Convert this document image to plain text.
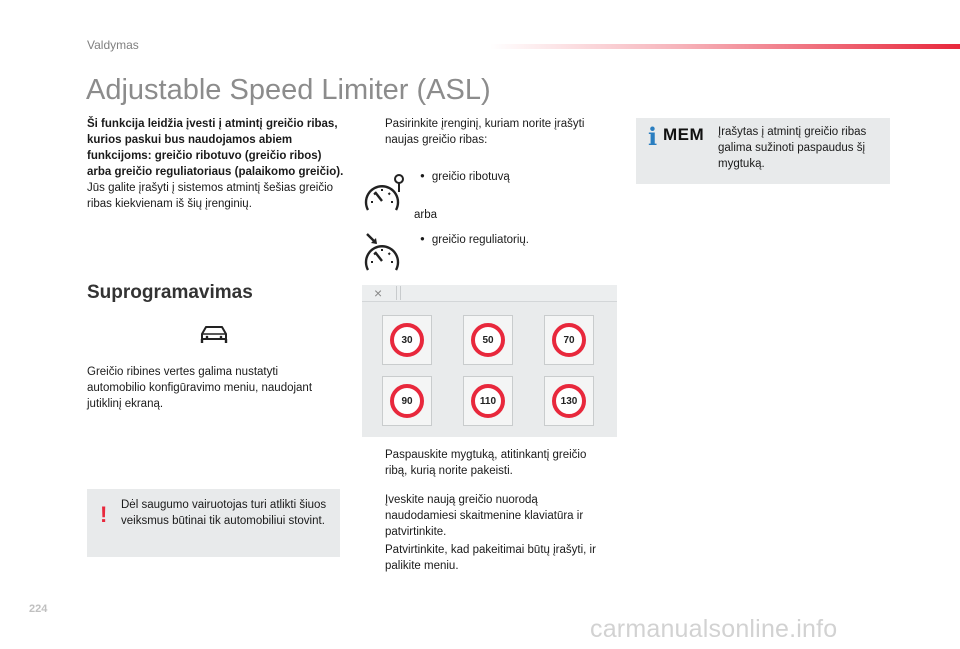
Valdymas
Adjustable Speed Limiter (ASL)
Ši funkcija leidžia įvesti į atmintį greičio ribas, kurios paskui bus naudojamos abiem funkcijoms: greičio ribotuvo (greičio ribos) arba greičio reguliatoriaus (palaikomo greičio).
Jūs galite įrašyti į sistemos atmintį šešias greičio ribas kiekvienam iš šių įrenginių.
Suprogramavimas
Greičio ribines vertes galima nustatyti automobilio konfigūravimo meniu, naudojant jutiklinį ekraną.
! Dėl saugumo vairuotojas turi atlikti šiuos veiksmus būtinai tik automobiliui stovint.
Pasirinkite įrenginį, kuriam norite įrašyti naujas greičio ribas:
● greičio ribotuvą
arba
● greičio reguliatorių.
×
30	50	70
90	110	130
Paspauskite mygtuką, atitinkantį greičio ribą, kurią norite pakeisti.
Įveskite naują greičio nuorodą naudodamiesi skaitmenine klaviatūra ir patvirtinkite.
Patvirtinkite, kad pakeitimai būtų įrašyti, ir palikite meniu.
i MEM Įrašytas į atmintį greičio ribas galima sužinoti paspaudus šį mygtuką.
224
carmanualsonline.info
